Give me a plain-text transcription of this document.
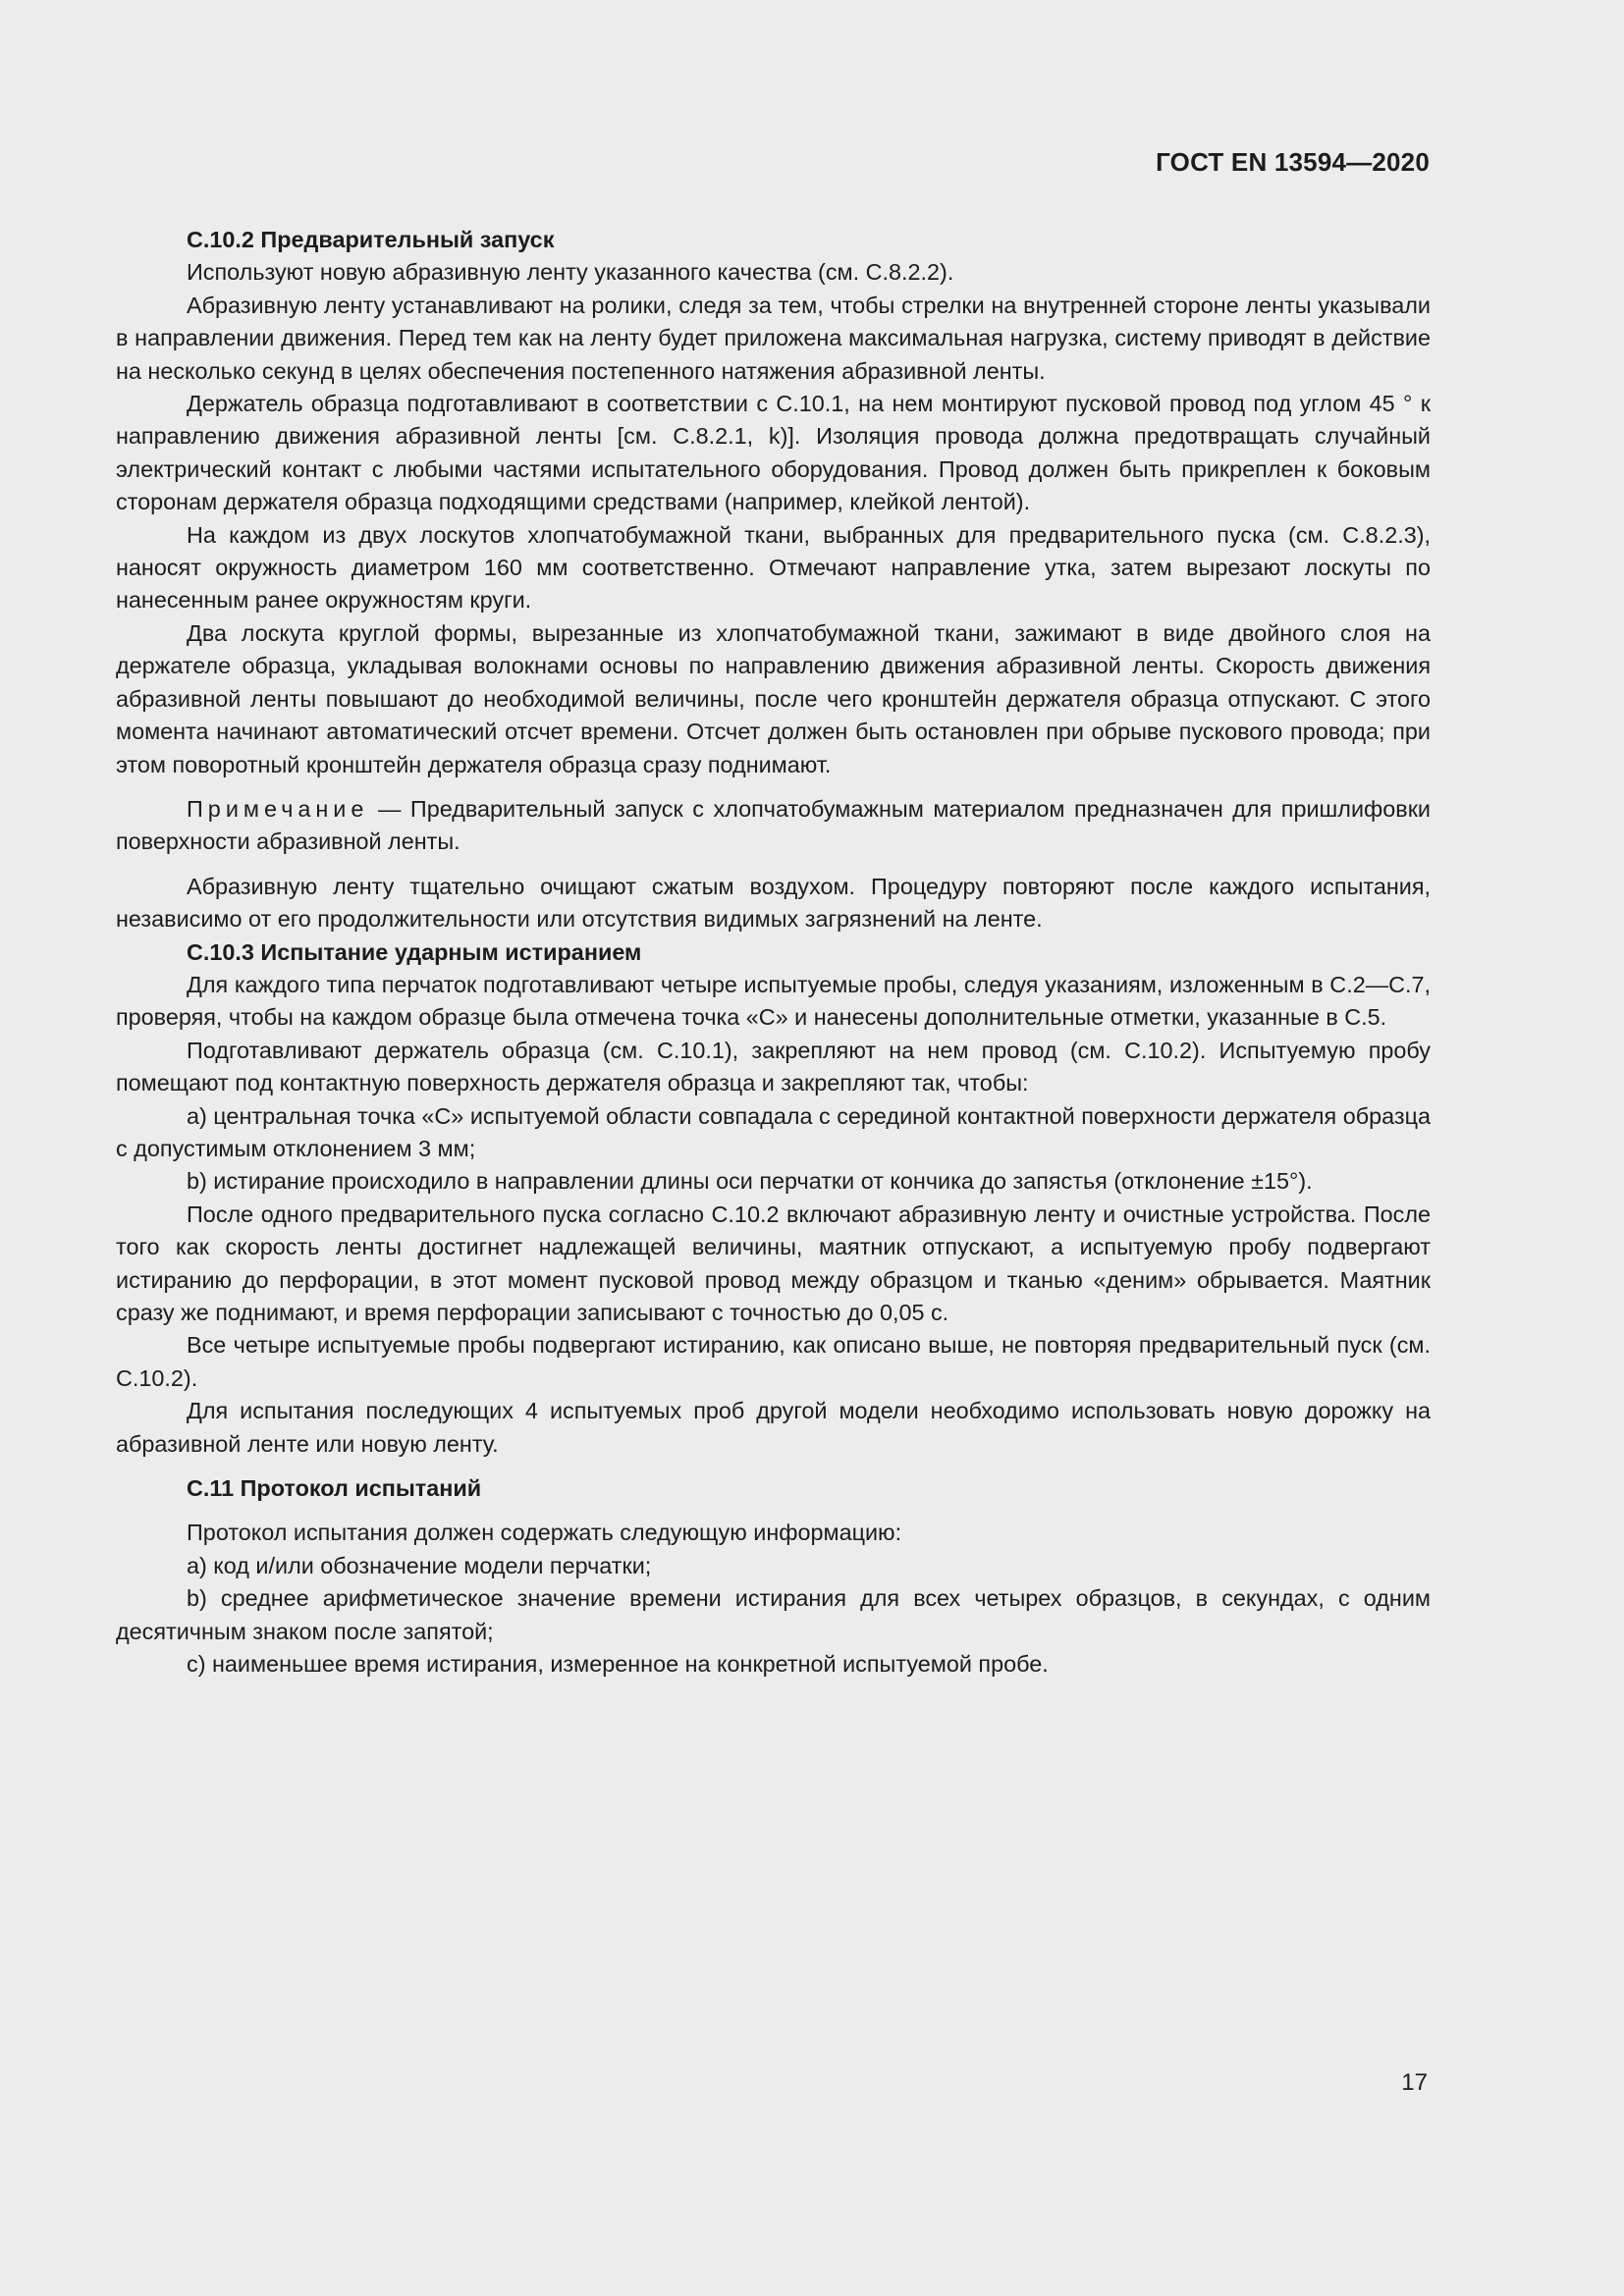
ГОСТ EN 13594—2020

С.10.2 Предварительный запуск

Используют новую абразивную ленту указанного качества (см. С.8.2.2).

Абразивную ленту устанавливают на ролики, следя за тем, чтобы стрелки на внутренней стороне ленты указывали в направлении движения. Перед тем как на ленту будет приложена максимальная нагрузка, систему приводят в действие на несколько секунд в целях обеспечения постепенного натяжения абразивной ленты.

Держатель образца подготавливают в соответствии с С.10.1, на нем монтируют пусковой провод под углом 45 ° к направлению движения абразивной ленты [см. С.8.2.1, k)]. Изоляция провода должна предотвращать случайный электрический контакт с любыми частями испытательного оборудования. Провод должен быть прикреплен к боковым сторонам держателя образца подходящими средствами (например, клейкой лентой).

На каждом из двух лоскутов хлопчатобумажной ткани, выбранных для предварительного пуска (см. С.8.2.3), наносят окружность диаметром 160 мм соответственно. Отмечают направление утка, затем вырезают лоскуты по нанесенным ранее окружностям круги.

Два лоскута круглой формы, вырезанные из хлопчатобумажной ткани, зажимают в виде двойного слоя на держателе образца, укладывая волокнами основы по направлению движения абразивной ленты. Скорость движения абразивной ленты повышают до необходимой величины, после чего кронштейн держателя образца отпускают. С этого момента начинают автоматический отсчет времени. Отсчет должен быть остановлен при обрыве пускового провода; при этом поворотный кронштейн держателя образца сразу поднимают.

Примечание — Предварительный запуск с хлопчатобумажным материалом предназначен для пришлифовки поверхности абразивной ленты.

Абразивную ленту тщательно очищают сжатым воздухом. Процедуру повторяют после каждого испытания, независимо от его продолжительности или отсутствия видимых загрязнений на ленте.

С.10.3 Испытание ударным истиранием

Для каждого типа перчаток подготавливают четыре испытуемые пробы, следуя указаниям, изложенным в С.2—С.7, проверяя, чтобы на каждом образце была отмечена точка «С» и нанесены дополнительные отметки, указанные в С.5.

Подготавливают держатель образца (см. С.10.1), закрепляют на нем провод (см. С.10.2). Испытуемую пробу помещают под контактную поверхность держателя образца и закрепляют так, чтобы:

a) центральная точка «С» испытуемой области совпадала с серединой контактной поверхности держателя образца с допустимым отклонением 3 мм;

b) истирание происходило в направлении длины оси перчатки от кончика до запястья (отклонение ±15°).

После одного предварительного пуска согласно С.10.2 включают абразивную ленту и очистные устройства. После того как скорость ленты достигнет надлежащей величины, маятник отпускают, а испытуемую пробу подвергают истиранию до перфорации, в этот момент пусковой провод между образцом и тканью «деним» обрывается. Маятник сразу же поднимают, и время перфорации записывают с точностью до 0,05 с.

Все четыре испытуемые пробы подвергают истиранию, как описано выше, не повторяя предварительный пуск (см. С.10.2).

Для испытания последующих 4 испытуемых проб другой модели необходимо использовать новую дорожку на абразивной ленте или новую ленту.

С.11 Протокол испытаний

Протокол испытания должен содержать следующую информацию:

a) код и/или обозначение модели перчатки;

b) среднее арифметическое значение времени истирания для всех четырех образцов, в секундах, с одним десятичным знаком после запятой;

c) наименьшее время истирания, измеренное на конкретной испытуемой пробе.

17
